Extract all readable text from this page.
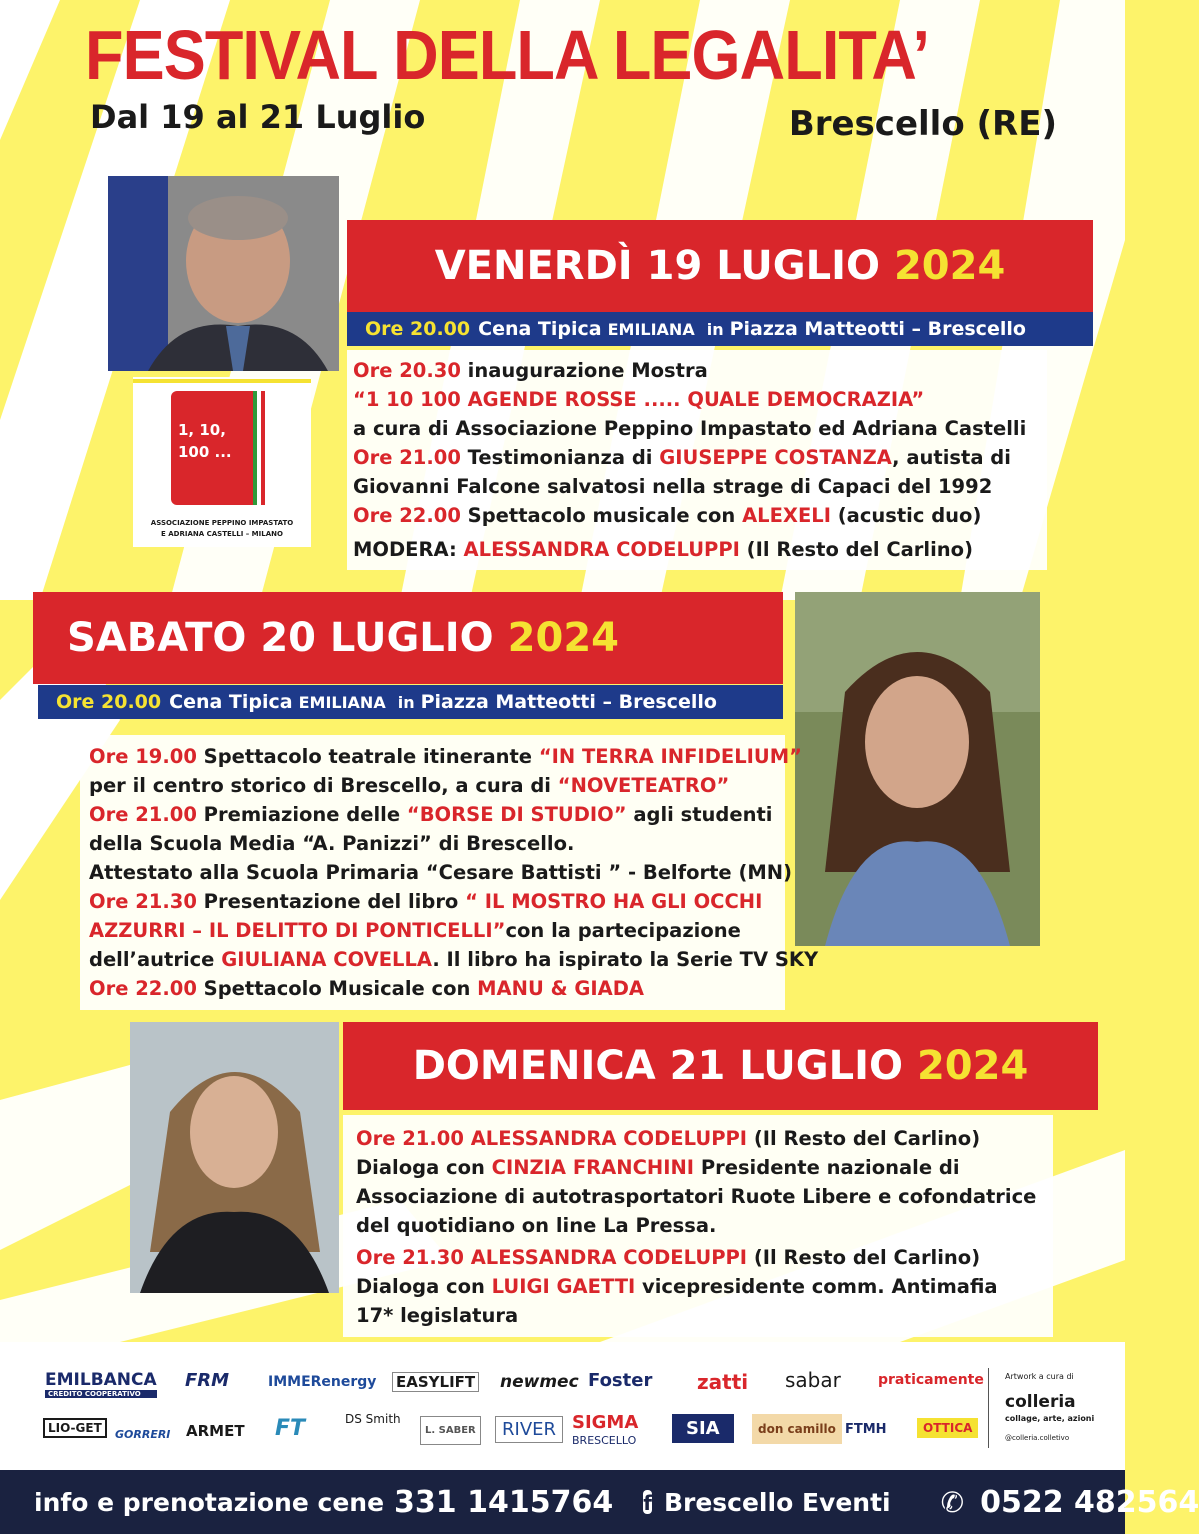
FESTIVAL DELLA LEGALITA’
Dal 19 al 21 Luglio	Brescello (RE)
1, 10, 100 ...
ASSOCIAZIONE PEPPINO IMPASTATO
E ADRIANA CASTELLI – MILANO
VENERDÌ 19 LUGLIO 2024
Ore 20.00 Cena Tipica EMILIANA in Piazza Matteotti – Brescello
Ore 20.30 inaugurazione Mostra
“1 10 100 AGENDE ROSSE ..... QUALE DEMOCRAZIA”
a cura di Associazione Peppino Impastato ed Adriana Castelli
Ore 21.00 Testimonianza di GIUSEPPE COSTANZA, autista di
Giovanni Falcone salvatosi nella strage di Capaci del 1992
Ore 22.00 Spettacolo musicale con ALEXELI (acustic duo)
MODERA: ALESSANDRA CODELUPPI (Il Resto del Carlino)
SABATO 20 LUGLIO 2024
Ore 20.00 Cena Tipica EMILIANA in Piazza Matteotti – Brescello
Ore 19.00 Spettacolo teatrale itinerante “IN TERRA INFIDELIUM”
per il centro storico di Brescello, a cura di “NOVETEATRO”
Ore 21.00 Premiazione delle “BORSE DI STUDIO” agli studenti
della Scuola Media “A. Panizzi” di Brescello.
Attestato alla Scuola Primaria “Cesare Battisti ” - Belforte (MN)
Ore 21.30 Presentazione del libro “ IL MOSTRO HA GLI OCCHI
AZZURRI – IL DELITTO DI PONTICELLI”con la partecipazione
dell’autrice GIULIANA COVELLA. Il libro ha ispirato la Serie TV SKY
Ore 22.00 Spettacolo Musicale con MANU & GIADA
DOMENICA 21 LUGLIO 2024
Ore 21.00 ALESSANDRA CODELUPPI (Il Resto del Carlino)
Dialoga con CINZIA FRANCHINI Presidente nazionale di
Associazione di autotrasportatori Ruote Libere e cofondatrice
del quotidiano on line La Pressa.
Ore 21.30 ALESSANDRA CODELUPPI (Il Resto del Carlino)
Dialoga con LUIGI GAETTI vicepresidente comm. Antimafia
17* legislatura
EMILBANCA
CREDITO COOPERATIVO
FRM	IMMERenergy EASYLIFT newmec Foster zatti sabar	praticamente	Artwork a cura di
colleria
collage, arte, azioni
@colleria.colletivo
LIO-GET	GORRERI ARMET FT	DS Smith
L. SABER	RIVER SIGMA
BRESCELLO
SIA	don camillo FTMH	OTTICA
info e prenotazione cene 331 1415764 f Brescello Eventi ✆ 0522 482564
